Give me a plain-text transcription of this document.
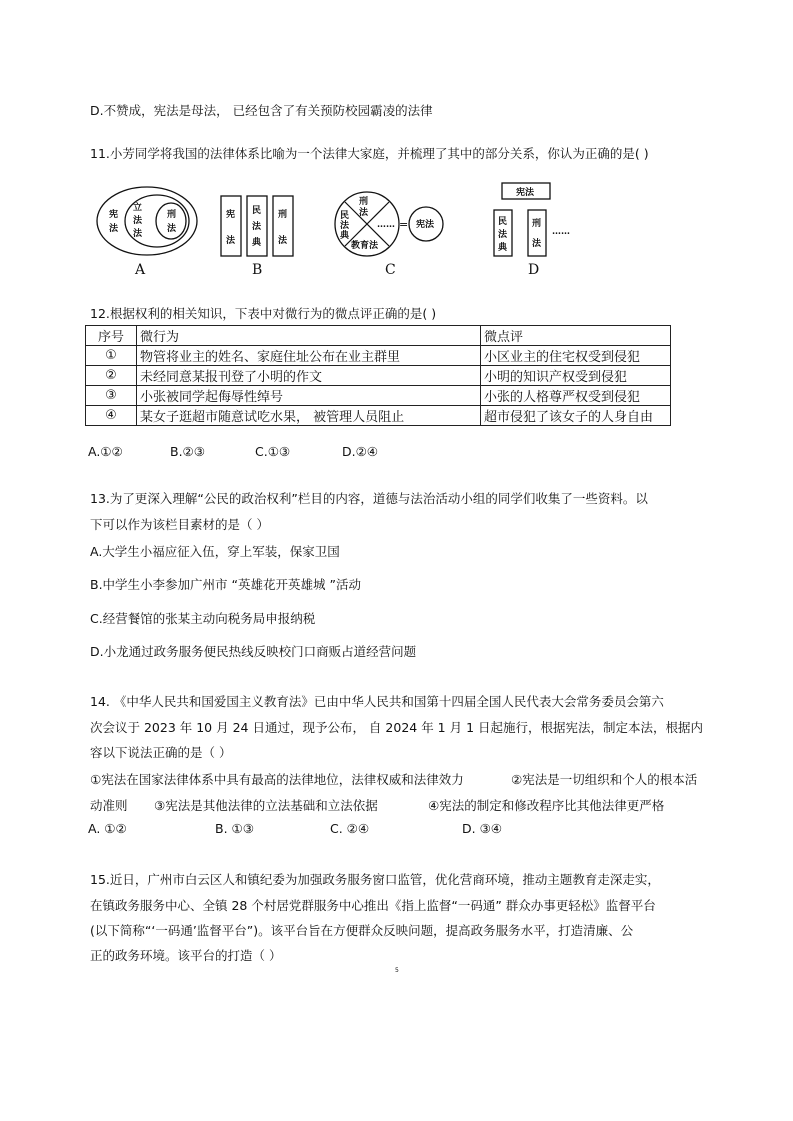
D.不赞成，宪法是母法， 已经包含了有关预防校园霸凌的法律
11.小芳同学将我国的法律体系比喻为一个法律大家庭，并梳理了其中的部分关系，你认为正确的是( )
宪
法
立
法
法
刑
法
A
宪
法
民
法
典
刑
法
B
刑
法
民
法
典
教育法
…… = 宪法
C
宪法
民
法
典
刑
法
……
D
12.根据权利的相关知识，下表中对微行为的微点评正确的是( )
序号	微行为	微点评
①	物管将业主的姓名、家庭住址公布在业主群里	小区业主的住宅权受到侵犯
②	未经同意某报刊登了小明的作文	小明的知识产权受到侵犯
③	小张被同学起侮辱性绰号	小张的人格尊严权受到侵犯
④	某女子逛超市随意试吃水果， 被管理人员阻止	超市侵犯了该女子的人身自由
A.①②	B.②③	C.①③	D.②④
13.为了更深入理解“公民的政治权利”栏目的内容，道德与法治活动小组的同学们收集了一些资料。以
下可以作为该栏目素材的是（ ）
A.大学生小福应征入伍，穿上军装，保家卫国
B.中学生小李参加广州市 “英雄花开英雄城 ”活动
C.经营餐馆的张某主动向税务局申报纳税
D.小龙通过政务服务便民热线反映校门口商贩占道经营问题
14. 《中华人民共和国爱国主义教育法》已由中华人民共和国第十四届全国人民代表大会常务委员会第六
次会议于 2023 年 10 月 24 日通过，现予公布， 自 2024 年 1 月 1 日起施行，根据宪法，制定本法，根据内
容以下说法正确的是（ ）
①宪法在国家法律体系中具有最高的法律地位，法律权威和法律效力	②宪法是一切组织和个人的根本活
动准则 ③宪法是其他法律的立法基础和立法依据	④宪法的制定和修改程序比其他法律更严格
A. ①②	B. ①③	C. ②④	D. ③④
15.近日，广州市白云区人和镇纪委为加强政务服务窗口监管，优化营商环境，推动主题教育走深走实，
在镇政务服务中心、全镇 28 个村居党群服务中心推出《指上监督“一码通” 群众办事更轻松》监督平台
(以下简称“‘一码通’监督平台”)。该平台旨在方便群众反映问题，提高政务服务水平，打造清廉、公
正的政务环境。该平台的打造（ ）
5
